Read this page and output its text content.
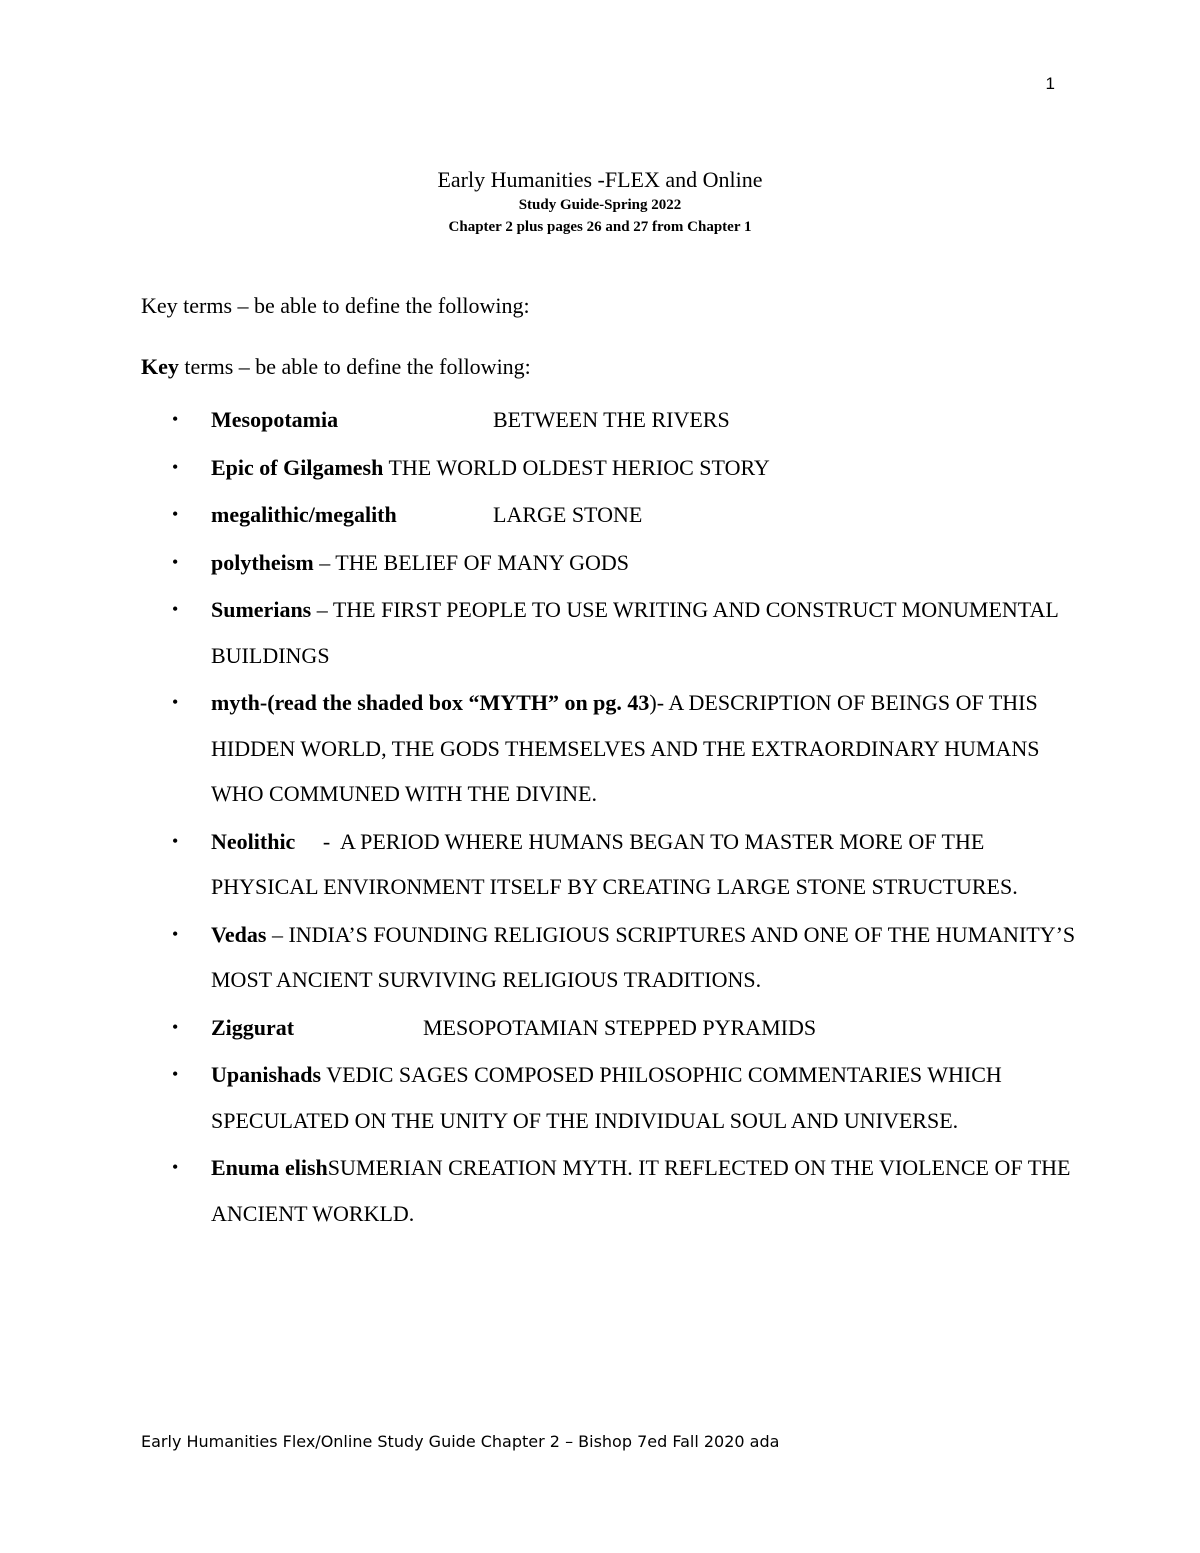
1
Early Humanities -FLEX and Online
Study Guide-Spring 2022
Chapter 2 plus pages 26 and 27 from Chapter 1
Key terms – be able to define the following:
Key terms – be able to define the following:
• Mesopotamia	BETWEEN THE RIVERS
• Epic of Gilgamesh THE WORLD OLDEST HERIOC STORY
• megalithic/megalith	LARGE STONE
• polytheism – THE BELIEF OF MANY GODS
• Sumerians – THE FIRST PEOPLE TO USE WRITING AND CONSTRUCT MONUMENTAL BUILDINGS
• myth-(read the shaded box “MYTH” on pg. 43)- A DESCRIPTION OF BEINGS OF THIS HIDDEN WORLD, THE GODS THEMSELVES AND THE EXTRAORDINARY HUMANS WHO COMMUNED WITH THE DIVINE.
• Neolithic     -  A PERIOD WHERE HUMANS BEGAN TO MASTER MORE OF THE PHYSICAL ENVIRONMENT ITSELF BY CREATING LARGE STONE STRUCTURES.
• Vedas – INDIA’S FOUNDING RELIGIOUS SCRIPTURES AND ONE OF THE HUMANITY’S MOST ANCIENT SURVIVING RELIGIOUS TRADITIONS.
• Ziggurat	MESOPOTAMIAN STEPPED PYRAMIDS
• Upanishads VEDIC SAGES COMPOSED PHILOSOPHIC COMMENTARIES WHICH SPECULATED ON THE UNITY OF THE INDIVIDUAL SOUL AND UNIVERSE.
• Enuma elishSUMERIAN CREATION MYTH. IT REFLECTED ON THE VIOLENCE OF THE ANCIENT WORKLD.
Early Humanities Flex/Online Study Guide Chapter 2 – Bishop 7ed Fall 2020 ada
